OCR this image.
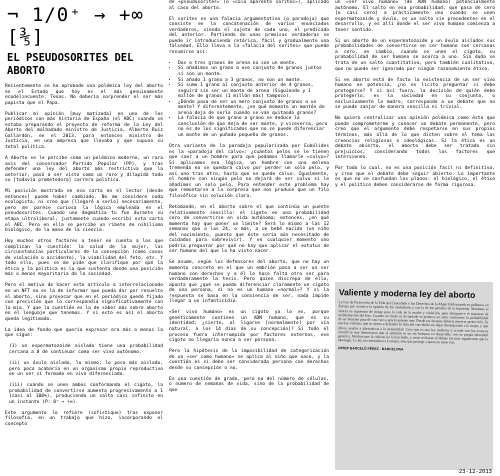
¬ 1/0⁺ → +∞ [⅗]
EL PSEUDOSORITES DEL ABORTO

Recientemente se ha aprobado una polémica ley del aborto en el Estado que hoy es el más genuinamente ecodelincuente: Texas. No debería sorprender el ser más papista que el Papa.

Publicar mi opinión [muy matizada] en uno de los periódicos con más historia de España (el ABC) cuando se estaba preparando el proyecto de reforma de la Ley del Aborto del malhadado ministro de Justicia, Alberto Ruiz Gallardón, en el 2013, para entonces ministro de Justicia, en una empresa que llevaba y que supuso su total política.

A Aborto se le percibe como un polémico moderno, un rara avis del conservador Partido Popular (PP), y tras defender una ley del aborto más restrictiva que la anterior, pasó a ser visto como un raro y dilapidó todo su [todavía prometedora] carrera política.

Mi posición mostrada en esa carta en el lector [desde entonces] puede haber cambiado. No me considero nada ecologista, ni creo que [llegaré a serlo] necesariamente, pero me parece curiosa la lógica empleada en el pseudosorites. Cuando uno dogmatiza tu fue durante su etapa ultraliberal, justamente cuando escribí esta carta el ABC. Pero en ella se percibe un ribete de nihilismo biológico, de la mano de la ciencia.

Hoy muchos otros factores a tener en cuenta a los que complican la cuestión: la salud de la mujer, las circunstancias particulares de la concepción (como casos de violación o accidente), la viabilidad del feto, etc. Y todo ello, pues se me pide que clarifique por qué la ética y la política es la que sustenta desde una posición más o menos mayoritaria de la sociedad.

Pero el motivo de hacer este artículo a interrelacionado en un NFT no es la de informar que pueda dar por resuelto el aborto, sino provocar que en el periódico quedó fijado con precisión que lo correspondía significativamente con la mía. Y que la cuestión es la de saber más sobre aborto en el lenguaje que tenemos. Y si esto es así el aborto queda legitimado.

La idea de fondo que quería expresar era más o menos la que sigue:

(1) un espermatozoide aislado tiene una probabilidad cercana a 0 de continuar como ser vivo autónomo.

(ii) un óvulo aislado, lo mismo; lo poco más aislado, pero poco acabaría en un organismo propio reproductivo en un ser sí formado en vivo diferenciado.

(iii) cuando se unen ambos conformando el cigoto, la probabilidad de convertirse aumenta progresivamente a 1 (casi al 100%), produciendo un salto casi infinito en un instante (P: 0⁺ → +∞).

Este argumento lo refiere (sofistique) tras exponer filosofía, en un trabajo que hizo, incorporando el concepto

de «pseudosorites» (o «colo aparente sorites»), aplicado al caso del aborto.

El sorites es una falacia argumentativa (o paradoja) que consiste en la concatenación de varios enunciados verdaderos, siendo el sujeto de cada uno, el predicado del anterior. Partiendo de unas premisas verdaderas se puede ir introduciendo retórica, fácil y gradualmente una falsedad. Ello lleva a la «falacia del sorites» que puede resumirse así:

• Dos o tres granos de arena no son un monte.
• Si añadimos un grano a ese conjunto de granos juntos sí son un monte.
• Si añado 1 grano a 3 granos, no son un monte.
• Si sumo 1 grano al conjunto anterior de 4 granos, seguirá sin ser un monte de arena (Siguiendo y 1 millón de granos (1 millón más) tampoco).
• ¿Dónde pasa de ser un mero conjunto de granos a un monte? Y diferentemente, ¿en qué momento un montón de arena deja de serlo cuando se van quitando granos?
• La falacia de que grano a grano se deduce la conclusión de que deja de ser monte, y viceversa, pero no es de los significados que no se puede diferenciar un monte de un puñado pequeño de granos.

Otra variante de la paradoja popularizada por Eubúlides es la «paradoja del calvo»: ¿cuántos pelos se le tienen que caer a un hombre para que podamos llamarle «calvo»? Si aplicamos esa lógica, un hombre con una melena tremenda no se quedará calvo por perder un solo pelo, y así uno tras otro, hasta que se quede calvo. Igualmente, el hombre con ningún pelo no dejará de ser calvo si le añadimos un solo pelo. Para entender este problema hay que remontarse a la sorpresa que nos produce que un filo filosófico sin solución clara.

Retomando, en el aborto sobre el que continúa un puente relativamente sencillo: el cigoto en una probabilidad cero de convertirse en vida autónoma; entonces, ¿en qué momento hay que poner un límite? Será lo mismo a las 12 semanas que a las 24, o más, a un bebé nacido (un niño del nacimiento, puesto que éste sería aún necesitado de cuidados para sobrevivir). Y en cualquier momento uno podría preguntar por qué no hay que aplicar el estatus de ser humano del que lo ha visto nacer.

Se asume, según los defensores del aborto, que no hay un momento concreto en el que un embrión pasa a ser un ser humano con derechos y a él le hace falta otro ser para verdaderamente la tesis. Pero quien discrepa de ello, apunta que ¿qué se puede diferenciar claramente un cigoto de una persona, si no es un humano «normal»? Y si la respuesta se basa en la conciencia de ser, nada impide llegar a un infanticidio.

«Ser vivo humano» es un cigoto ya lo es, porque genéticamente contiene un ADN humano, que es su identidad; ¿cierto, al ligarse [normalmente] por vía natural, a los 14 días de su concepción]? Si todo el proceso fuera interrumpido por factores externos, ese cigoto no llegaría nunca a ser persona.

Pero la hipótesis de la imposibilidad de categorización de un «ser como humano» se aplica al niño que nace, y la cuestión es si debe ser considerada persona con derechos desde su concepción o no.

Es una cuestión de grado, pero no del número de células, o número de semanas de vida, sino de la probabilidad de que

un «ser vivo humano» (de ADN humano) potencialmente autónomo. El salto en esa probabilidad, que pasa de cero [o casi cero] a prácticamente uno cuando se unen espermatozoide y óvulo, es un salto sin precedentes en el desarrollo, y es allí donde el ser vivo humano comienza a tener sentido.

Si un aborto de un espermatozoide y un óvulo aislados sus probabilidades de convertirse en ser humano son cercanas a cero, en cambio, cuando se unen el cigoto, su probabilidad de ser humano se acerca a uno. Sin duda se trata de un salto cuantitativo, pero también cualitativo, que no puede ser ignorado por ningún razonamiento ético.

Si en aborto está de facto la existencia de un ser vivo humano en potencia, ¿no es lícito preguntar si debe protegerse? Y si así fuera, la decisión de quién debe protegerlo, es la sociedad en su conjunto, o exclusivamente la madre, corresponde a un debate que no se puede zanjar de manera sencilla ni trivial.

No quiero centralizar una opinión polémica como ésta que puede comprometerme y conocer un debate permanente, pero creo que el argumento debe respetarse en sus propios términos, más allá de lo que dicten sobre el tema las creencias religiosas o ideológicas. Si la ética es un debate abierto, el aborto debe ser tratado sin prejuicios, considerando todos los factores que intervienen.

Por todo lo cual, no es una posición fácil ni definitiva, y creo que el debate debe seguir abierto. Lo importante es que no se confundan los planos: el biológico, el ético y el político deben considerarse de forma rigurosa.

Valiente y moderna ley del aborto

La Ley de Protección de la Vida del Concebido y los Derechos de la Mujer Embarazada es polémica en Europa por cuanto a la opinión de los ciudadanos y con la de los partidos de la izquierda. Mantiene el aborto en supuestos de riesgo para la vida de la madre y violación, pero desaparece el supuesto de malformación del feto. Cuando un óvulo es fecundado se produce un salto cualitativo: la probabilidad de ser humano pasa de casi cero a prácticamente uno. Desde ese instante debería merecer protección. Es una ley valiente, que se atreve a defender la vida del concebido sin dejar desamparada a la mujer, y que ofrece ayudas y alternativas a la maternidad. Creo que es una ley moderna y acorde con los avances científicos que demuestran que el embrión es un ser humano en desarrollo, con su propia identidad genética. Muchos que la critican no la han leído, y otros rechazan el debate sin más argumentos que la ideología. La ley no criminaliza a la mujer, sino que protege a quien no tiene voz.

JOSEP BARCELÓ PÉREZ · BARCELONA
23-12-2013
